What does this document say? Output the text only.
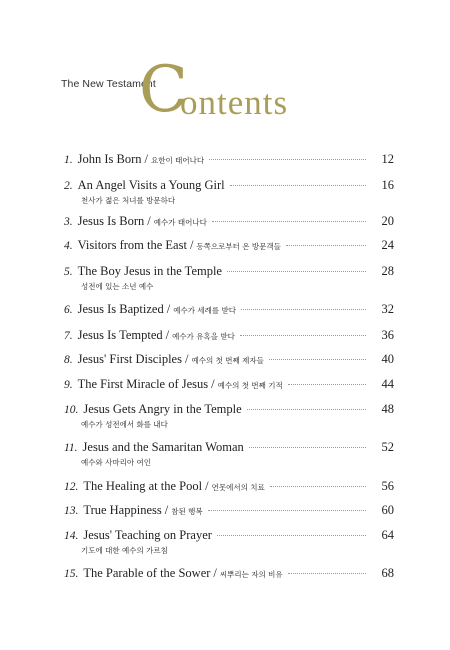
The New Testament
C
ontents
1. John Is Born / 요한이 태어나다	12
2. An Angel Visits a Young Girl	16
천사가 젊은 처녀를 방문하다
3. Jesus Is Born / 예수가 태어나다	20
4. Visitors from the East / 동쪽으로부터 온 방문객들	24
5. The Boy Jesus in the Temple	28
성전에 있는 소년 예수
6. Jesus Is Baptized / 예수가 세례를 받다	32
7. Jesus Is Tempted / 예수가 유혹을 받다	36
8. Jesus' First Disciples / 예수의 첫 번째 제자들	40
9. The First Miracle of Jesus / 예수의 첫 번째 기적	44
10. Jesus Gets Angry in the Temple	48
예수가 성전에서 화를 내다
11. Jesus and the Samaritan Woman	52
예수와 사마리아 여인
12. The Healing at the Pool / 연못에서의 치료	56
13. True Happiness / 참된 행복	60
14. Jesus' Teaching on Prayer	64
기도에 대한 예수의 가르침
15. The Parable of the Sower / 씨뿌리는 자의 비유	68
